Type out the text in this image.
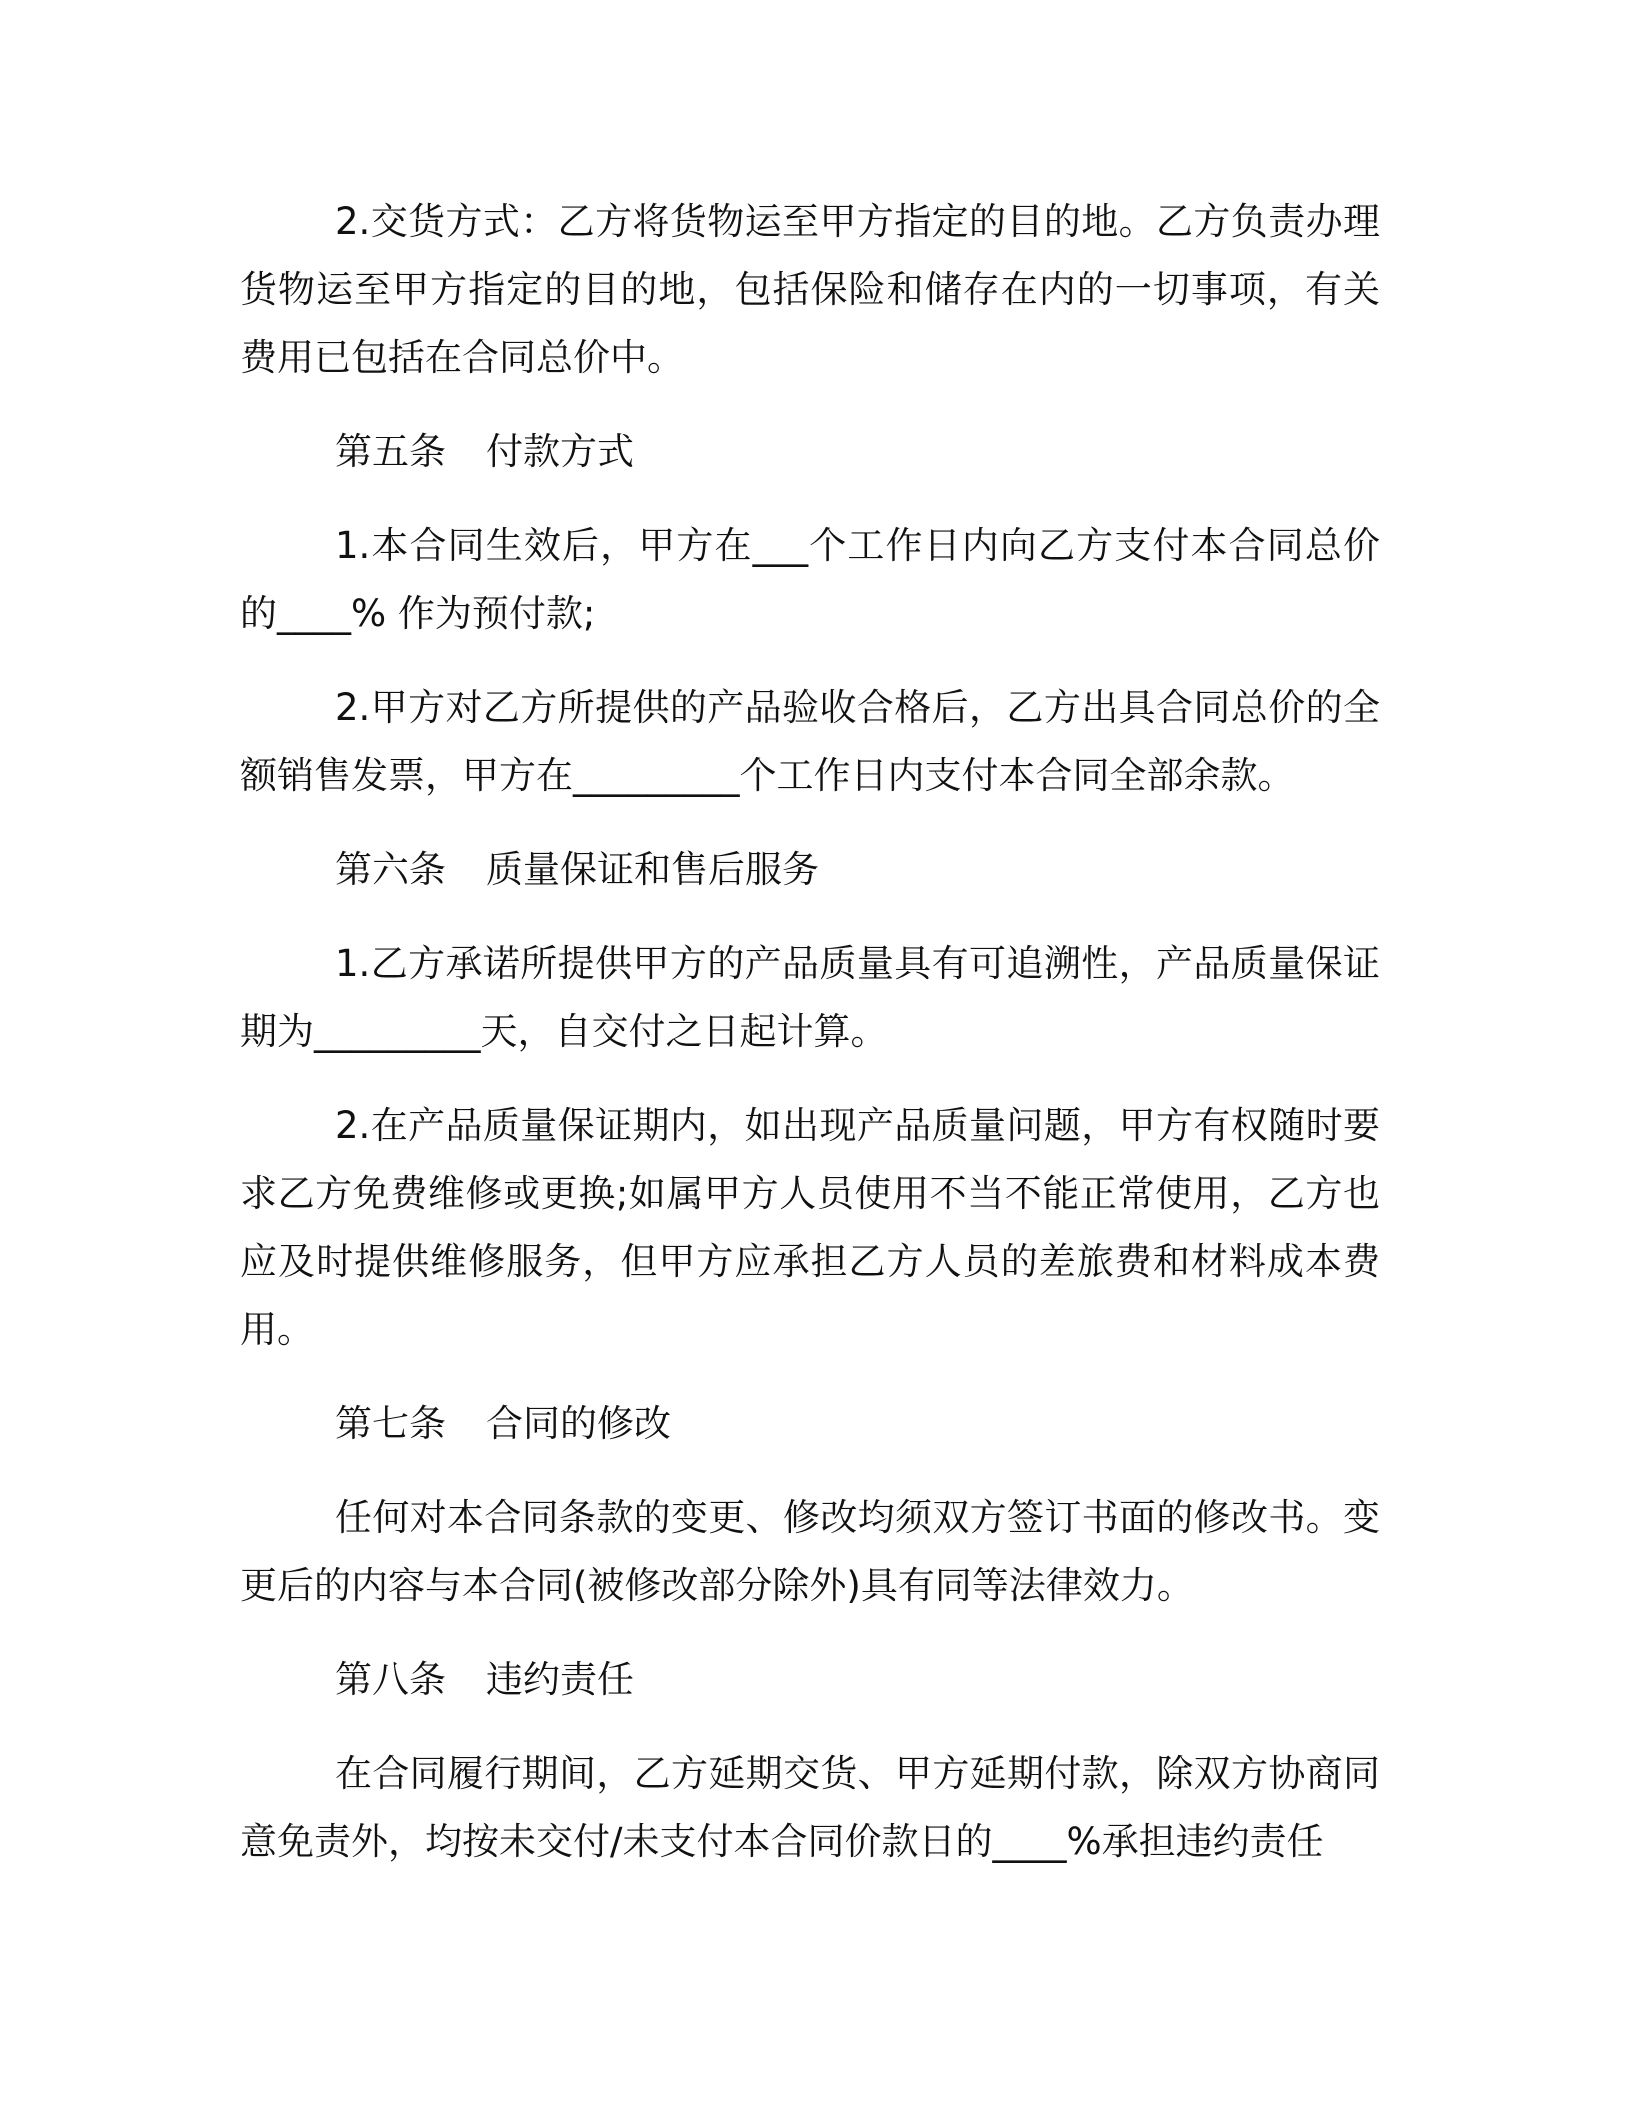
2.交货方式：乙方将货物运至甲方指定的目的地。乙方负责办理货物运至甲方指定的目的地，包括保险和储存在内的一切事项，有关费用已包括在合同总价中。

第五条 付款方式

1.本合同生效后，甲方在___个工作日内向乙方支付本合同总价的____% 作为预付款;

2.甲方对乙方所提供的产品验收合格后，乙方出具合同总价的全额销售发票，甲方在_________个工作日内支付本合同全部余款。

第六条 质量保证和售后服务

1.乙方承诺所提供甲方的产品质量具有可追溯性，产品质量保证期为_________天，自交付之日起计算。

2.在产品质量保证期内，如出现产品质量问题，甲方有权随时要求乙方免费维修或更换;如属甲方人员使用不当不能正常使用，乙方也应及时提供维修服务，但甲方应承担乙方人员的差旅费和材料成本费用。

第七条 合同的修改

任何对本合同条款的变更、修改均须双方签订书面的修改书。变更后的内容与本合同(被修改部分除外)具有同等法律效力。

第八条 违约责任

在合同履行期间，乙方延期交货、甲方延期付款，除双方协商同意免责外，均按未交付/未支付本合同价款日的____%承担违约责任
